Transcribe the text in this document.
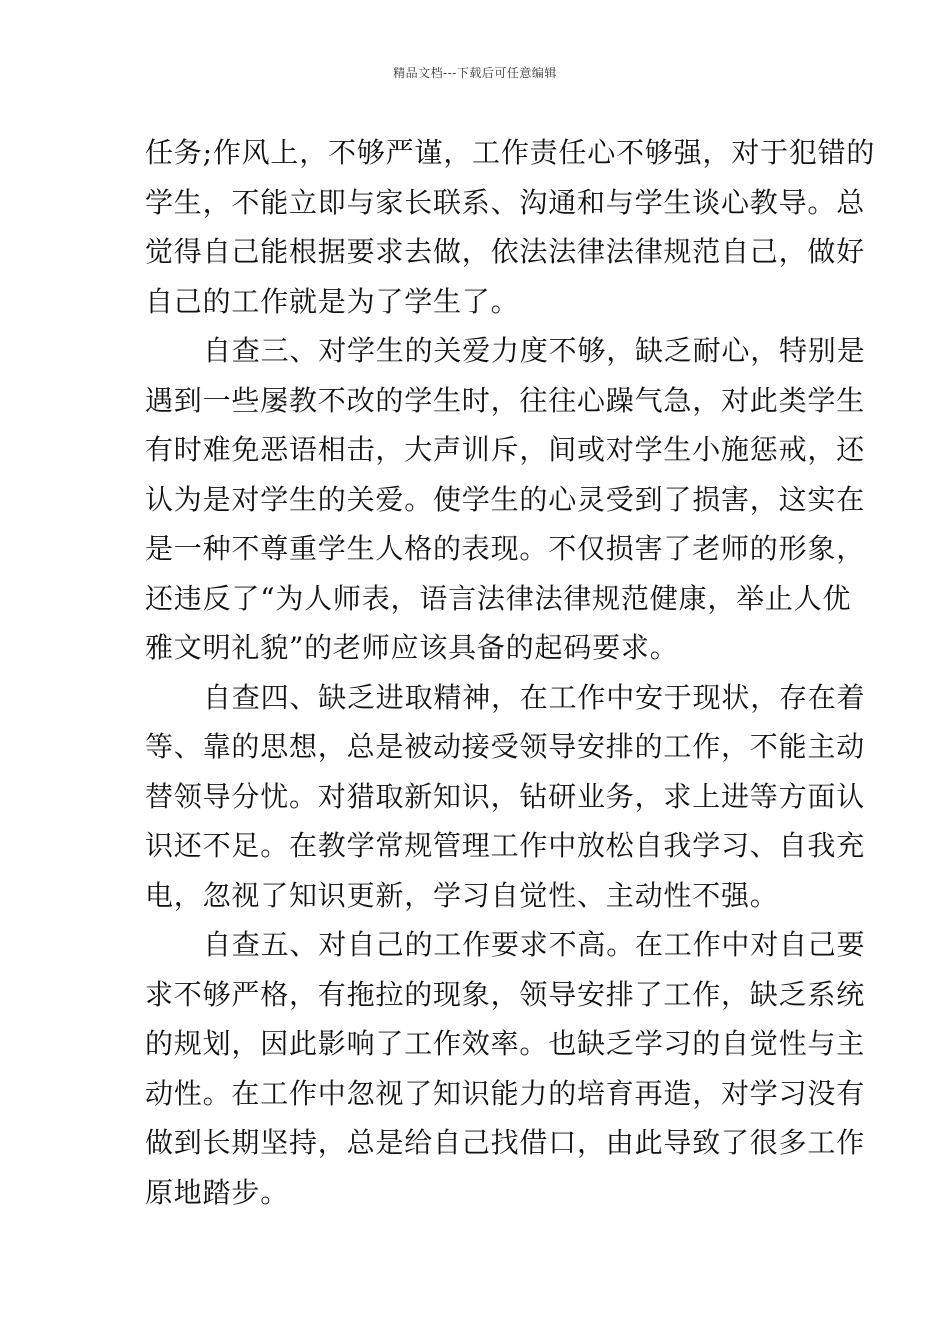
精品文档---下载后可任意编辑
任务;作风上，不够严谨，工作责任心不够强，对于犯错的
学生，不能立即与家长联系、沟通和与学生谈心教导。总
觉得自己能根据要求去做，依法法律法律规范自己，做好
自己的工作就是为了学生了。
自查三、对学生的关爱力度不够，缺乏耐心，特别是
遇到一些屡教不改的学生时，往往心躁气急，对此类学生
有时难免恶语相击，大声训斥，间或对学生小施惩戒，还
认为是对学生的关爱。使学生的心灵受到了损害，这实在
是一种不尊重学生人格的表现。不仅损害了老师的形象，
还违反了“为人师表，语言法律法律规范健康，举止人优
雅文明礼貌”的老师应该具备的起码要求。
自查四、缺乏进取精神，在工作中安于现状，存在着
等、靠的思想，总是被动接受领导安排的工作，不能主动
替领导分忧。对猎取新知识，钻研业务，求上进等方面认
识还不足。在教学常规管理工作中放松自我学习、自我充
电，忽视了知识更新，学习自觉性、主动性不强。
自查五、对自己的工作要求不高。在工作中对自己要
求不够严格，有拖拉的现象，领导安排了工作，缺乏系统
的规划，因此影响了工作效率。也缺乏学习的自觉性与主
动性。在工作中忽视了知识能力的培育再造，对学习没有
做到长期坚持，总是给自己找借口，由此导致了很多工作
原地踏步。
